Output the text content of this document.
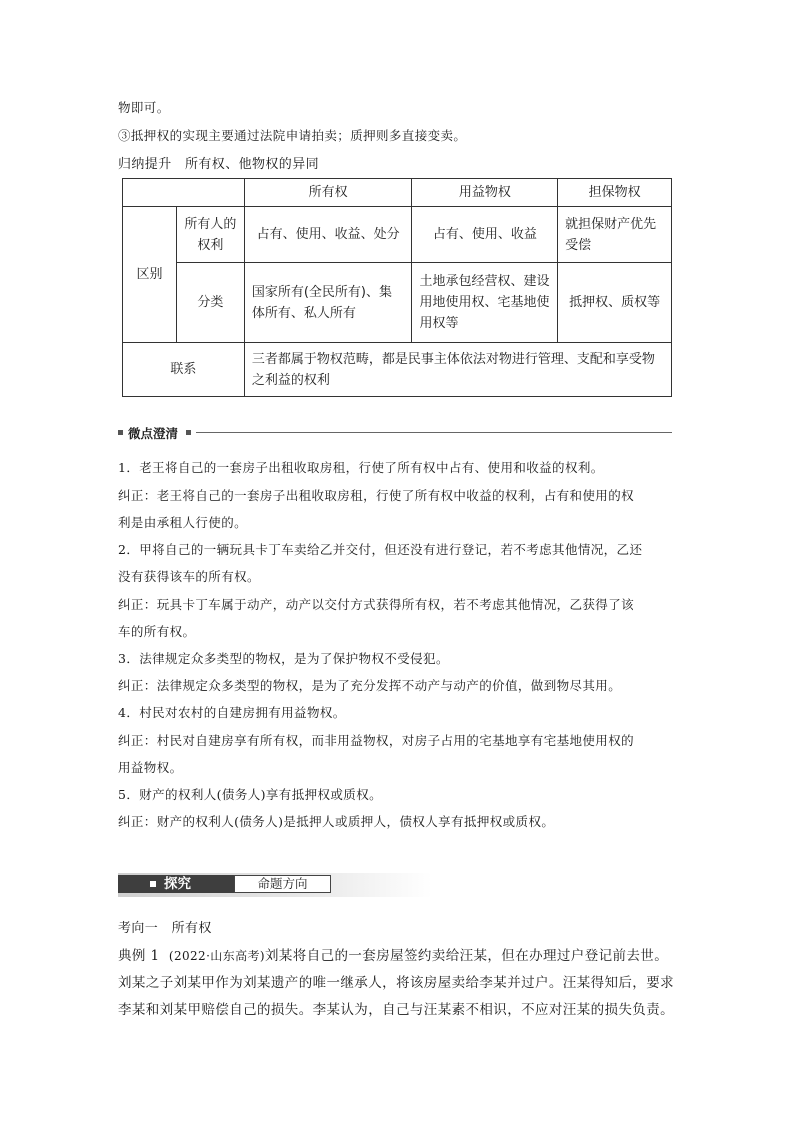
物即可。
③抵押权的实现主要通过法院申请拍卖；质押则多直接变卖。
归纳提升　所有权、他物权的异同
		所有权	用益物权	担保物权
区别	所有人的权利	占有、使用、收益、处分	占有、使用、收益	就担保财产优先受偿
	分类	国家所有(全民所有)、集体所有、私人所有	土地承包经营权、建设用地使用权、宅基地使用权等	抵押权、质权等
联系		三者都属于物权范畴，都是民事主体依法对物进行管理、支配和享受物之利益的权利		
微点澄清
1．老王将自己的一套房子出租收取房租，行使了所有权中占有、使用和收益的权利。
纠正：老王将自己的一套房子出租收取房租，行使了所有权中收益的权利，占有和使用的权
利是由承租人行使的。
2．甲将自己的一辆玩具卡丁车卖给乙并交付，但还没有进行登记，若不考虑其他情况，乙还
没有获得该车的所有权。
纠正：玩具卡丁车属于动产，动产以交付方式获得所有权，若不考虑其他情况，乙获得了该
车的所有权。
3．法律规定众多类型的物权，是为了保护物权不受侵犯。
纠正：法律规定众多类型的物权，是为了充分发挥不动产与动产的价值，做到物尽其用。
4．村民对农村的自建房拥有用益物权。
纠正：村民对自建房享有所有权，而非用益物权，对房子占用的宅基地享有宅基地使用权的
用益物权。
5．财产的权利人(债务人)享有抵押权或质权。
纠正：财产的权利人(债务人)是抵押人或质押人，债权人享有抵押权或质权。
探究	命题方向
考向一　所有权
典例 1 (2022·山东高考)刘某将自己的一套房屋签约卖给汪某，但在办理过户登记前去世。
刘某之子刘某甲作为刘某遗产的唯一继承人，将该房屋卖给李某并过户。汪某得知后，要求
李某和刘某甲赔偿自己的损失。李某认为，自己与汪某素不相识，不应对汪某的损失负责。
